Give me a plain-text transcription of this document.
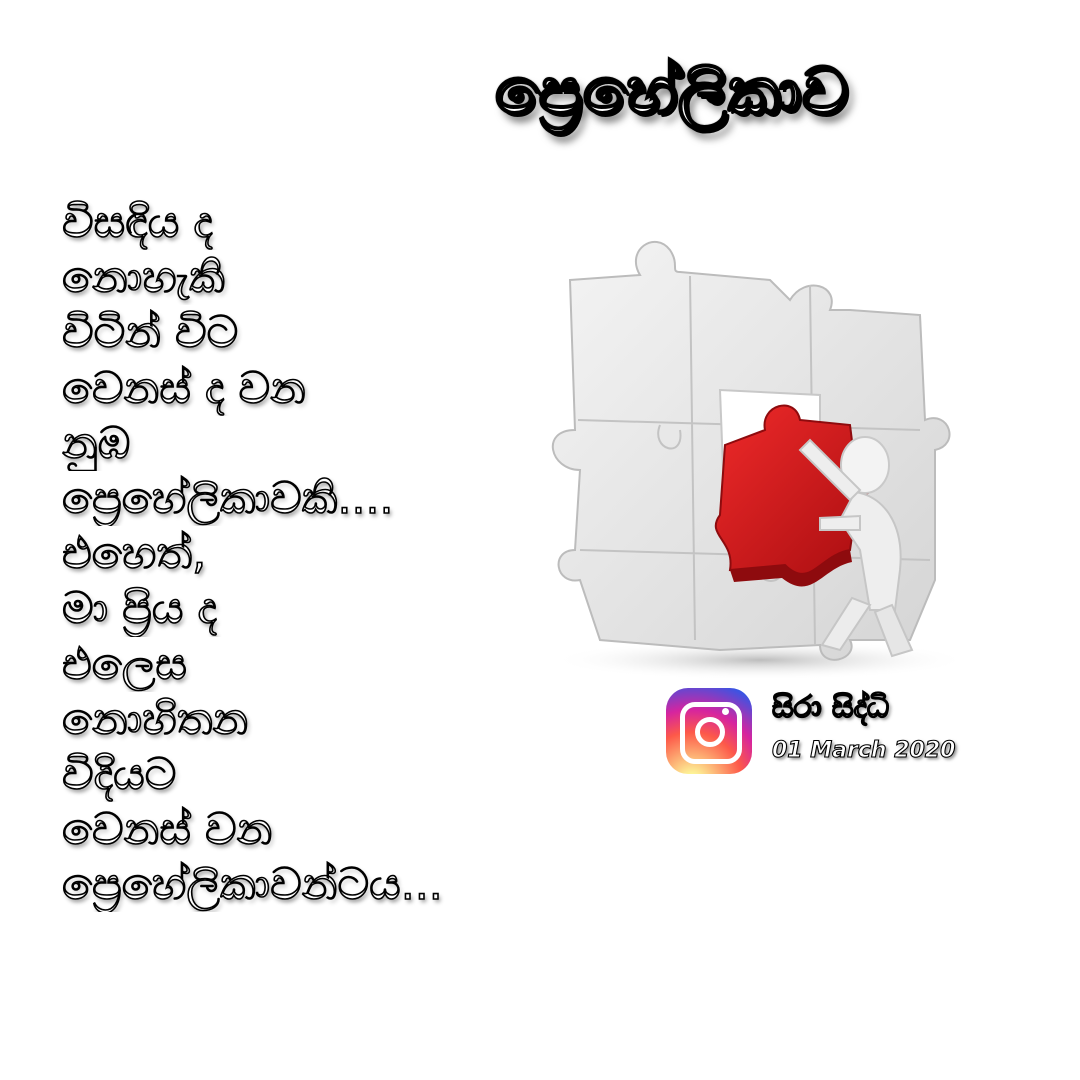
ප්‍රෙහේලිකාව
විසඳිය ද
නොහැකි
විටින් විට
වෙනස් ද වන
නුඹ
ප්‍රෙහේලිකාවකි....
එහෙත්,
මා ප්‍රිය ද
එලෙස
නොහිතන
විදියට
වෙනස් වන
ප්‍රෙහේලිකාවන්ටය...
සිරා සිද්ධි
01 March 2020
